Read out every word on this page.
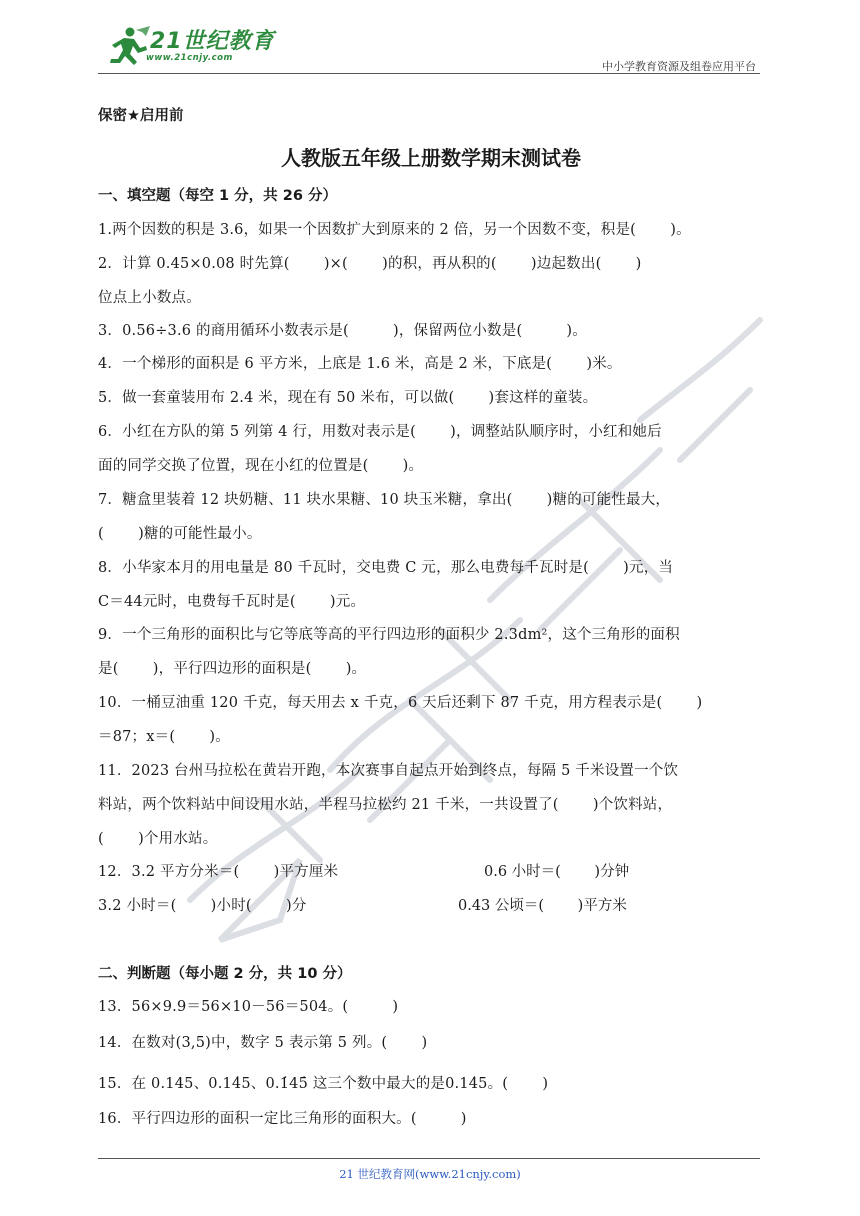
21世纪教育
www.21cnjy.com
中小学教育资源及组卷应用平台
保密★启用前
人教版五年级上册数学期末测试卷
一、填空题（每空 1 分，共 26 分）
1.两个因数的积是 3.6，如果一个因数扩大到原来的 2 倍，另一个因数不变，积是(　　 )。
2．计算 0.45×0.08 时先算(　　 )×(　　 )的积，再从积的(　　 )边起数出(　　 )
位点上小数点。
3．0.56÷3.6 的商用循环小数表示是(　　　)，保留两位小数是(　　　)。
4．一个梯形的面积是 6 平方米，上底是 1.6 米，高是 2 米，下底是(　　 )米。
5．做一套童装用布 2.4 米，现在有 50 米布，可以做(　　 )套这样的童装。
6．小红在方队的第 5 列第 4 行，用数对表示是(　　 )，调整站队顺序时，小红和她后
面的同学交换了位置，现在小红的位置是(　　 )。
7．糖盒里装着 12 块奶糖、11 块水果糖、10 块玉米糖，拿出(　　 )糖的可能性最大，
(　　 )糖的可能性最小。
8．小华家本月的用电量是 80 千瓦时，交电费 C 元，那么电费每千瓦时是(　　 )元，当
C＝44元时，电费每千瓦时是(　　 )元。
9．一个三角形的面积比与它等底等高的平行四边形的面积少 2.3dm²，这个三角形的面积
是(　　 )，平行四边形的面积是(　　 )。
10．一桶豆油重 120 千克，每天用去 x 千克，6 天后还剩下 87 千克，用方程表示是(　　 )
＝87；x＝(　　 )。
11．2023 台州马拉松在黄岩开跑，本次赛事自起点开始到终点，每隔 5 千米设置一个饮
料站，两个饮料站中间设用水站，半程马拉松约 21 千米，一共设置了(　　 )个饮料站，
(　　 )个用水站。
12．3.2 平方分米＝(　　 )平方厘米	0.6 小时＝(　　 )分钟
3.2 小时＝(　　 )小时(　　 )分	0.43 公顷＝(　　 )平方米
二、判断题（每小题 2 分，共 10 分）
13．56×9.9＝56×10－56＝504。(　　　)
14．在数对(3,5)中，数字 5 表示第 5 列。(　　 )
15．在 0.145、0.14̇5、0.1̇45̇ 这三个数中最大的是0.14̇5。(　　 )
16．平行四边形的面积一定比三角形的面积大。(　　　)
21 世纪教育网(www.21cnjy.com)
